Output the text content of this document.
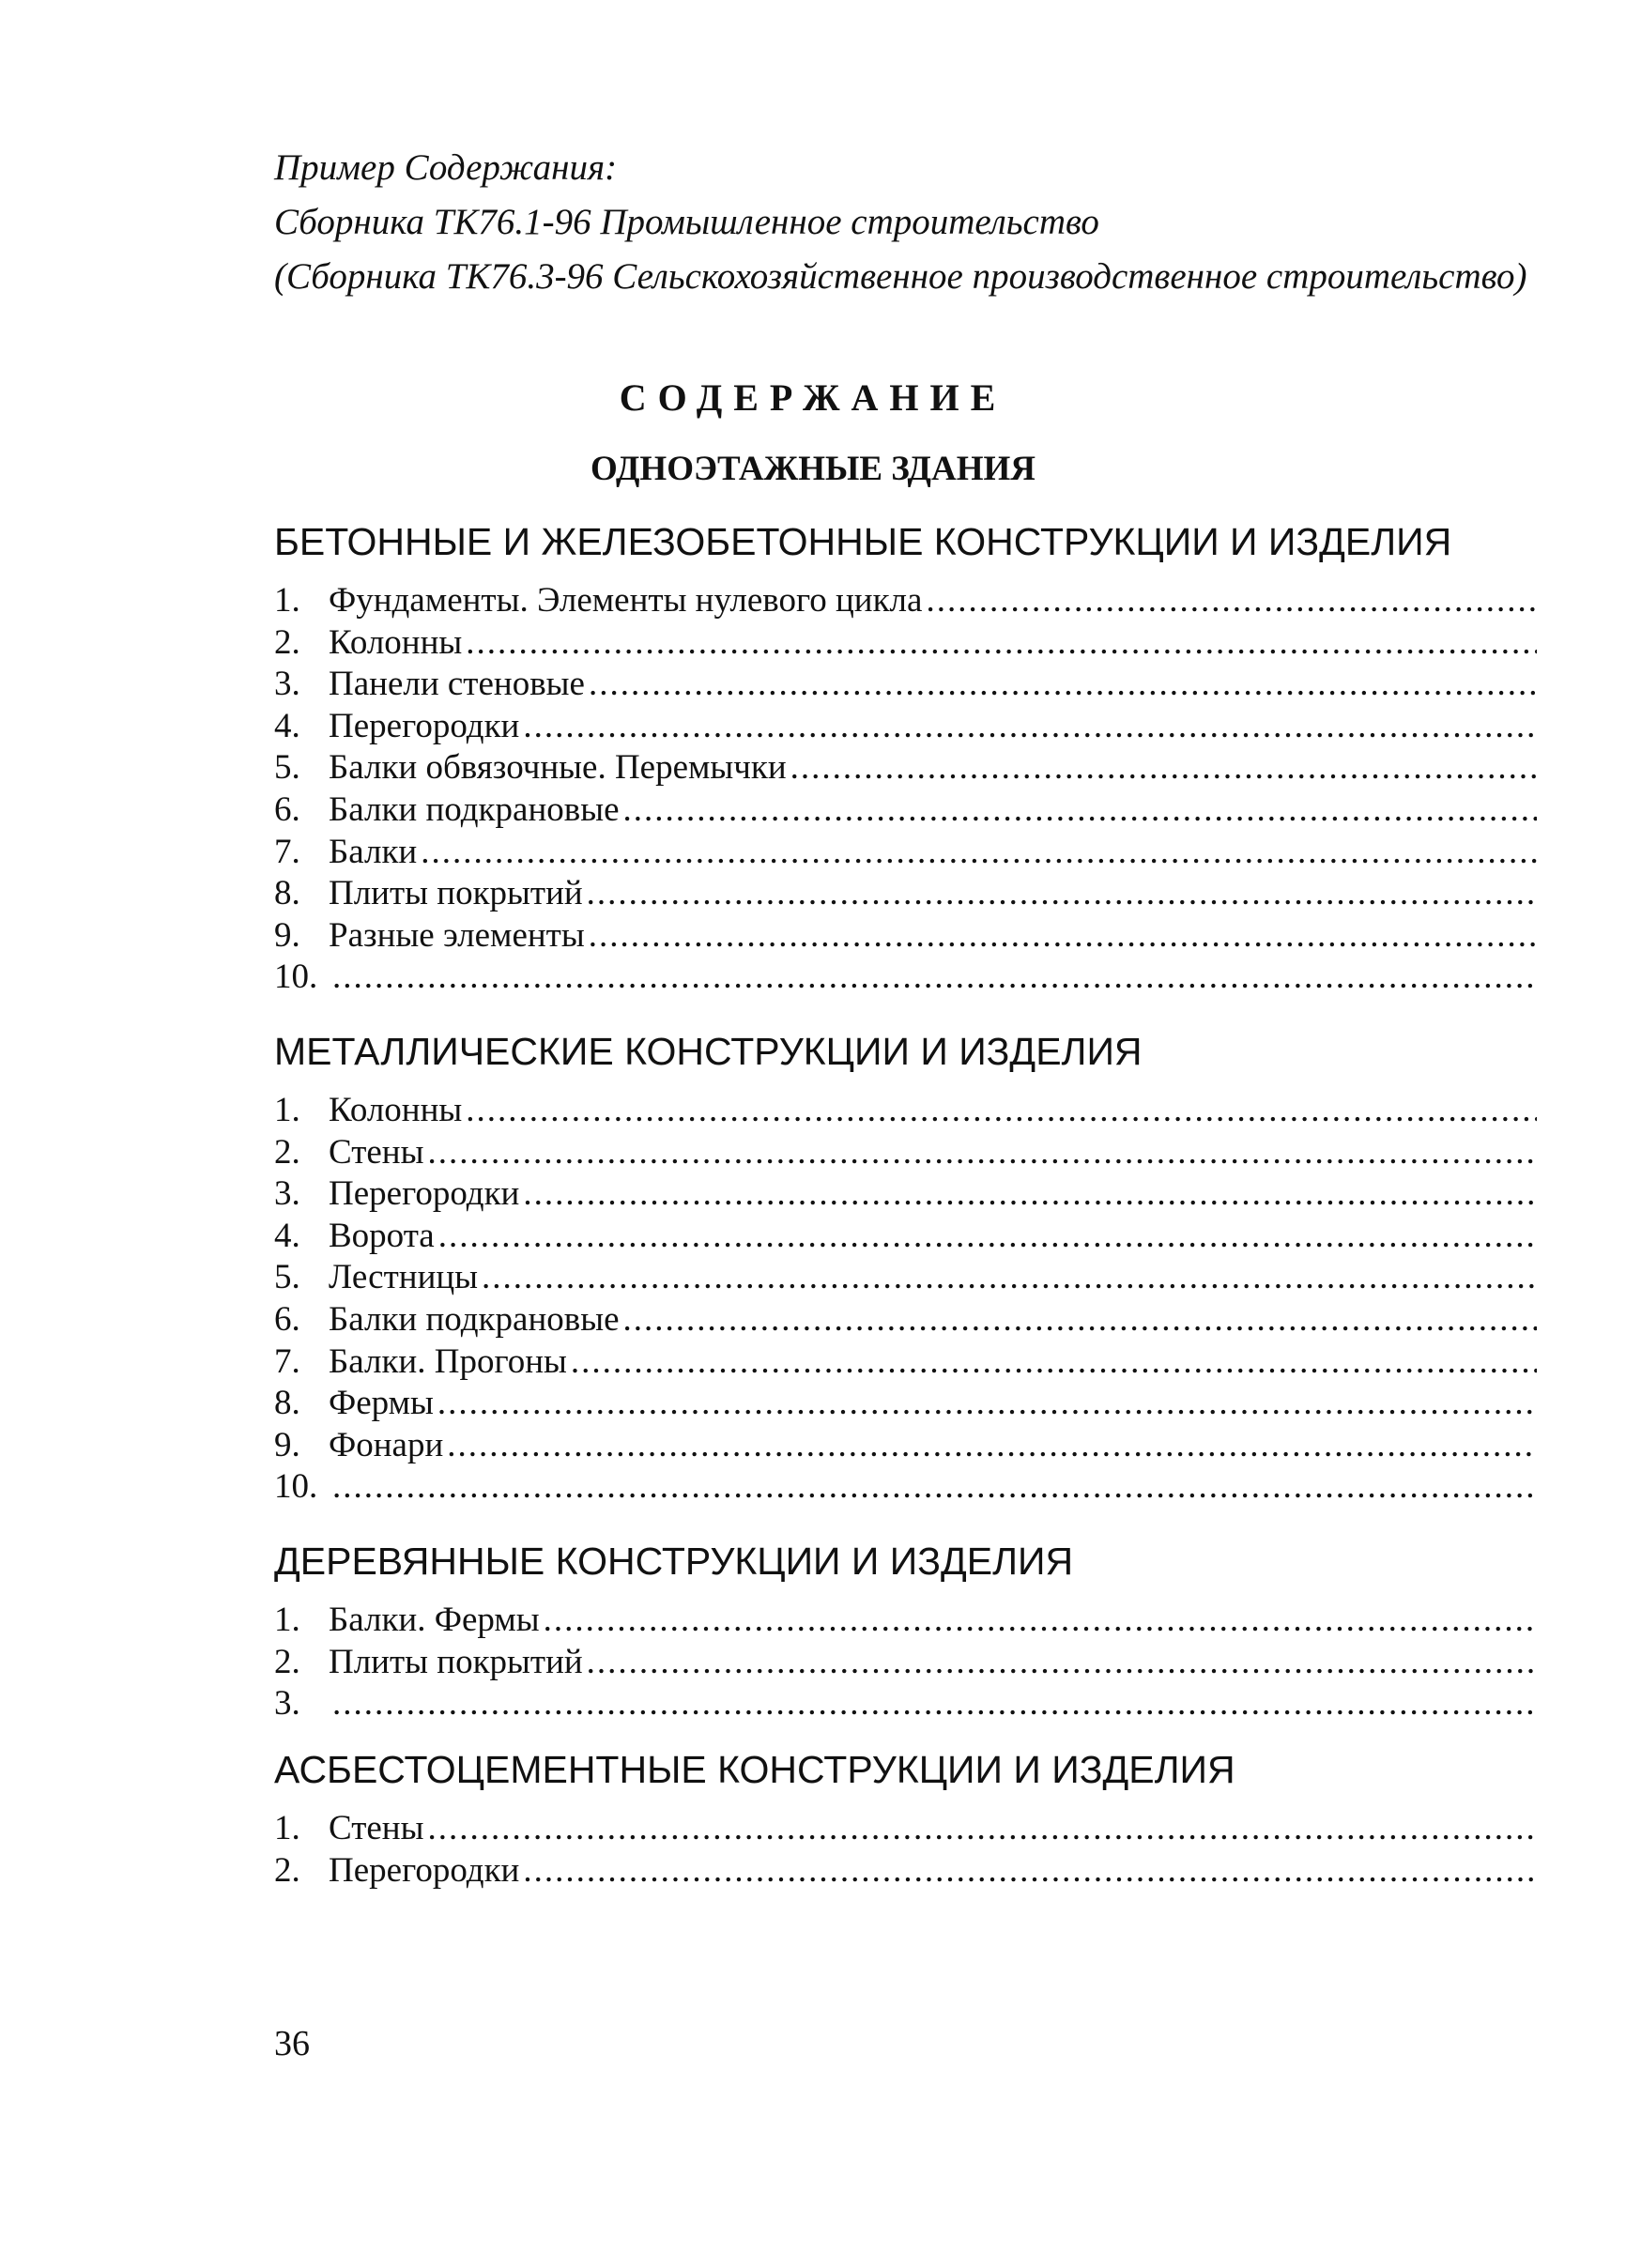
Пример Содержания:
Сборника ТК76.1-96 Промышленное строительство
(Сборника ТК76.3-96 Сельскохозяйственное производственное строительство)
СОДЕРЖАНИЕ
ОДНОЭТАЖНЫЕ ЗДАНИЯ
БЕТОННЫЕ И ЖЕЛЕЗОБЕТОННЫЕ КОНСТРУКЦИИ И ИЗДЕЛИЯ
1. Фундаменты. Элементы нулевого цикла
.....
2. Колонны
.....
3. Панели стеновые
.....
4. Перегородки
.....
5. Балки обвязочные. Перемычки
.....
6. Балки подкрановые
.....
7. Балки
.....
8. Плиты покрытий
.....
9. Разные элементы
.....
10.
.....
МЕТАЛЛИЧЕСКИЕ КОНСТРУКЦИИ И ИЗДЕЛИЯ
1. Колонны
.....
2. Стены
.....
3. Перегородки
.....
4. Ворота
.....
5. Лестницы
.....
6. Балки подкрановые
.....
7. Балки. Прогоны
.....
8. Фермы
.....
9. Фонари
.....
10.
.....
ДЕРЕВЯННЫЕ КОНСТРУКЦИИ И ИЗДЕЛИЯ
1. Балки. Фермы
.....
2. Плиты покрытий
.....
3.
.....
АСБЕСТОЦЕМЕНТНЫЕ КОНСТРУКЦИИ И ИЗДЕЛИЯ
1. Стены
.....
2. Перегородки
.....
36
